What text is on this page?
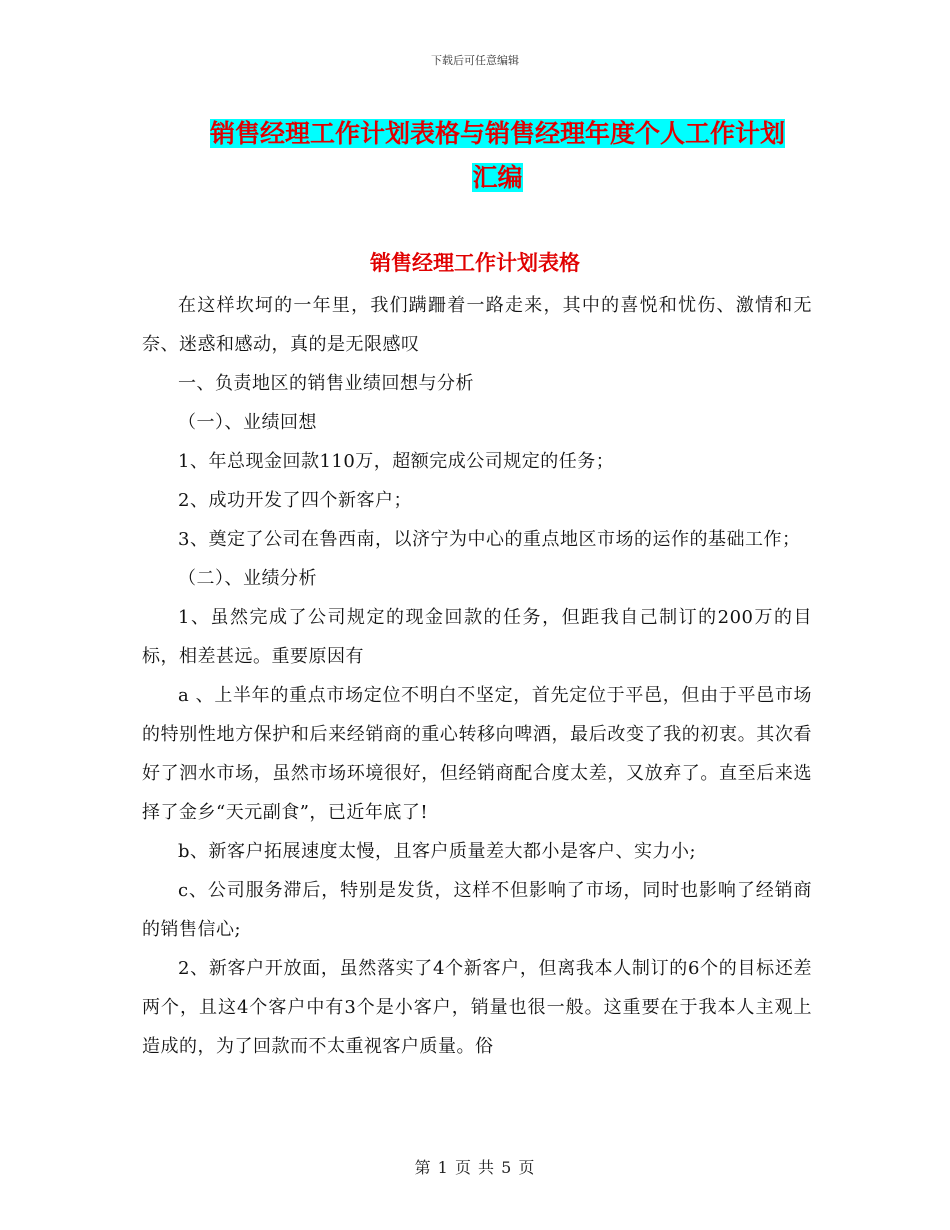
下载后可任意编辑
销售经理工作计划表格与销售经理年度个人工作计划
汇编
销售经理工作计划表格

在这样坎坷的一年里，我们蹒跚着一路走来，其中的喜悦和忧伤、激情和无奈、迷惑和感动，真的是无限感叹

一、负责地区的销售业绩回想与分析

（一）、业绩回想

1、年总现金回款110万，超额完成公司规定的任务；

2、成功开发了四个新客户；

3、奠定了公司在鲁西南，以济宁为中心的重点地区市场的运作的基础工作；

（二）、业绩分析

1、虽然完成了公司规定的现金回款的任务，但距我自己制订的200万的目标，相差甚远。重要原因有

a 、上半年的重点市场定位不明白不坚定，首先定位于平邑，但由于平邑市场的特别性地方保护和后来经销商的重心转移向啤酒，最后改变了我的初衷。其次看好了泗水市场，虽然市场环境很好，但经销商配合度太差，又放弃了。直至后来选择了金乡“天元副食”，已近年底了!

b、新客户拓展速度太慢，且客户质量差大都小是客户、实力小;

c、公司服务滞后，特别是发货，这样不但影响了市场，同时也影响了经销商的销售信心;

2、新客户开放面，虽然落实了4个新客户，但离我本人制订的6个的目标还差两个，且这4个客户中有3个是小客户，销量也很一般。这重要在于我本人主观上造成的，为了回款而不太重视客户质量。俗

第 1 页 共 5 页
